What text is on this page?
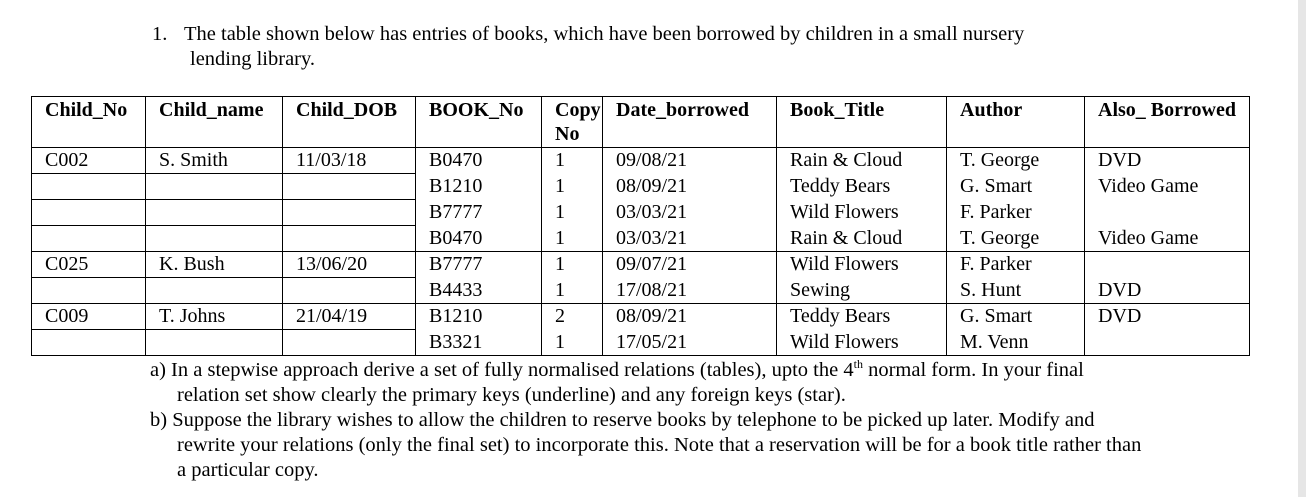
1. The table shown below has entries of books, which have been borrowed by children in a small nursery
lending library.
Child_No	Child_name	Child_DOB	BOOK_No	Copy No	Date_borrowed	Book_Title	Author	Also_ Borrowed
C002	S. Smith	11/03/18	B0470	1	09/08/21	Rain & Cloud	T. George	DVD
			B1210	1	08/09/21	Teddy Bears	G. Smart	Video Game
			B7777	1	03/03/21	Wild Flowers	F. Parker	
			B0470	1	03/03/21	Rain & Cloud	T. George	Video Game
C025	K. Bush	13/06/20	B7777	1	09/07/21	Wild Flowers	F. Parker	
			B4433	1	17/08/21	Sewing	S. Hunt	DVD
C009	T. Johns	21/04/19	B1210	2	08/09/21	Teddy Bears	G. Smart	DVD
			B3321	1	17/05/21	Wild Flowers	M. Venn	
a) In a stepwise approach derive a set of fully normalised relations (tables), upto the 4th normal form. In your final relation set show clearly the primary keys (underline) and any foreign keys (star).
b) Suppose the library wishes to allow the children to reserve books by telephone to be picked up later. Modify and rewrite your relations (only the final set) to incorporate this. Note that a reservation will be for a book title rather than a particular copy.
